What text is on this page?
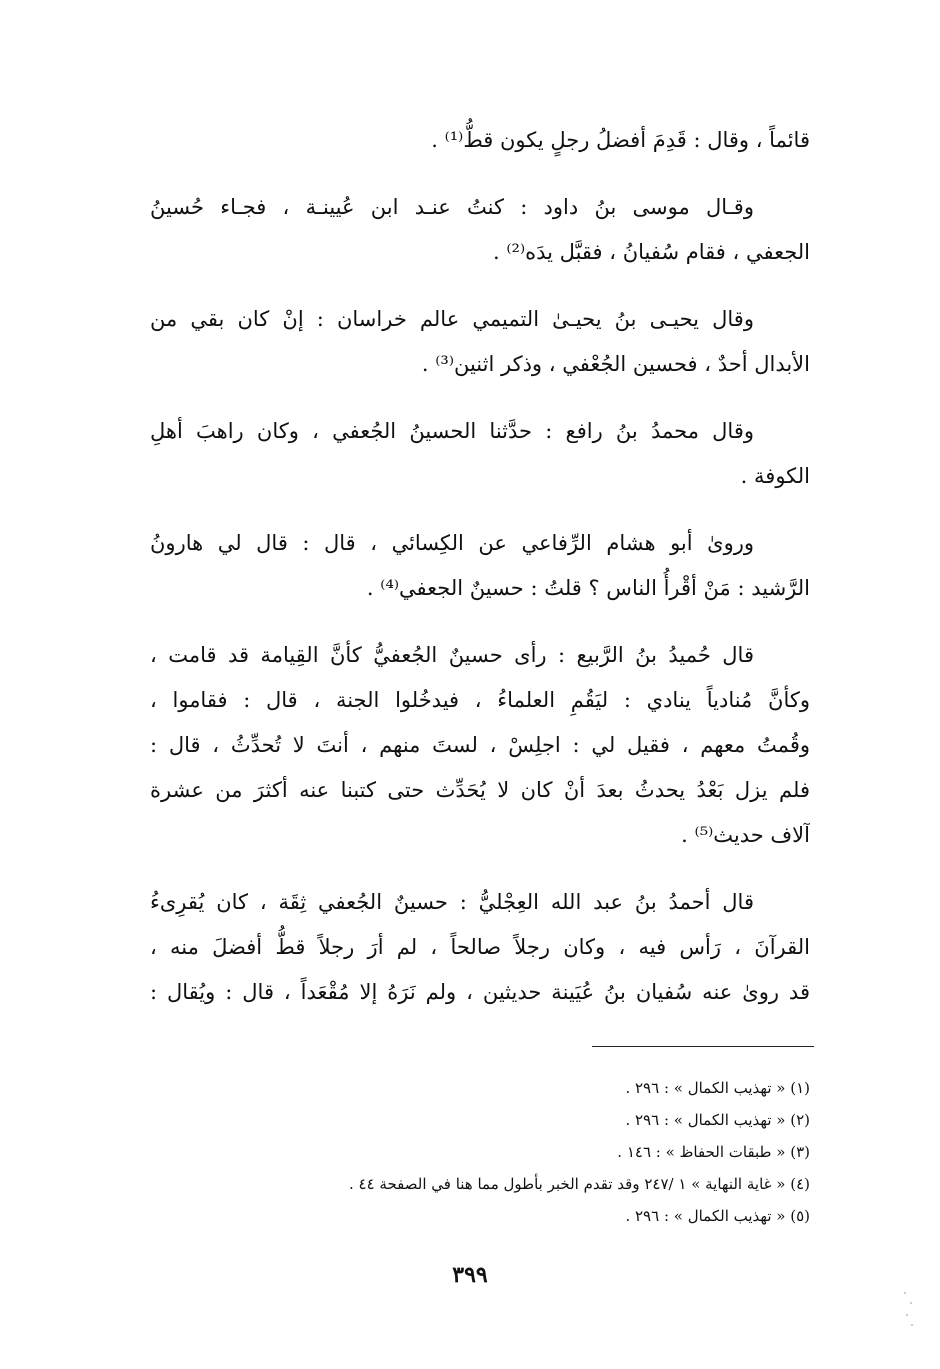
قائماً ، وقال : قَدِمَ أفضلُ رجلٍ يكون قطُّ⁽¹⁾ .

وقـال موسى بنُ داود : كنتُ عنـد ابن عُيينـة ، فجـاء حُسينُ
الجعفي ، فقام سُفيانُ ، فقبَّل يدَه⁽²⁾ .

وقال يحيـى بنُ يحيـىٰ التميمي عالم خراسان : إنْ كان بقي من
الأبدال أحدٌ ، فحسين الجُعْفي ، وذكر اثنين⁽³⁾ .

وقال محمدُ بنُ رافع : حدَّثنا الحسينُ الجُعفي ، وكان راهبَ أهلِ
الكوفة .

وروىٰ أبو هشام الرِّفاعي عن الكِسائي ، قال : قال لي هارونُ
الرَّشيد : مَنْ أقْرأُ الناس ؟ قلتُ : حسينٌ الجعفي⁽⁴⁾ .

قال حُميدُ بنُ الرَّبيع : رأى حسينٌ الجُعفيُّ كأنَّ القِيامة قد قامت ،
وكأنَّ مُنادياً ينادي : ليَقُمِ العلماءُ ، فيدخُلوا الجنة ، قال : فقاموا ،
وقُمتُ معهم ، فقيل لي : اجلِسْ ، لستَ منهم ، أنتَ لا تُحدِّثُ ، قال :
فلم يزل بَعْدُ يحدثُ بعدَ أنْ كان لا يُحَدِّث حتى كتبنا عنه أكثرَ من عشرة
آلاف حديث⁽⁵⁾ .

قال أحمدُ بنُ عبد الله العِجْليُّ : حسينٌ الجُعفي ثِقَة ، كان يُقرِىءُ
القرآنَ ، رَأس فيه ، وكان رجلاً صالحاً ، لم أرَ رجلاً قطُّ أفضلَ منه ،
قد روىٰ عنه سُفيان بنُ عُيَينة حديثين ، ولم نَرَهُ إلا مُقْعَداً ، قال : ويُقال :

(١) « تهذيب الكمال » : ٢٩٦ .
(٢) « تهذيب الكمال » : ٢٩٦ .
(٣) « طبقات الحفاظ » : ١٤٦ .
(٤) « غاية النهاية » ١ /٢٤٧ وقد تقدم الخبر بأطول مما هنا في الصفحة ٤٤ .
(٥) « تهذيب الكمال » : ٢٩٦ .
٣٩٩
